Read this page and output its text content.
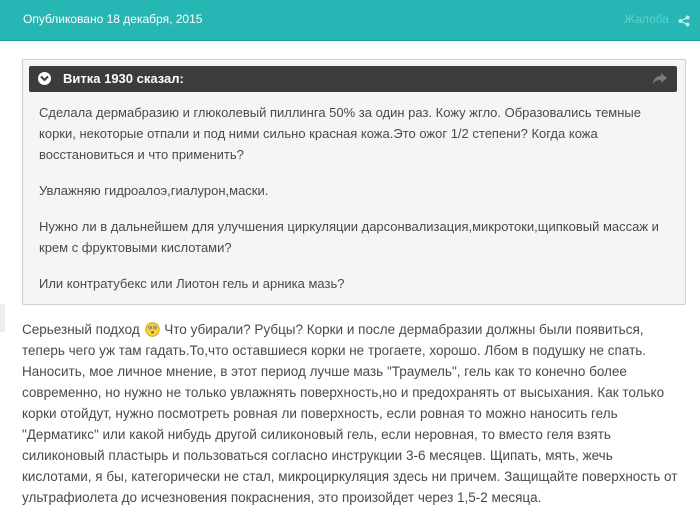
Опубликовано 18 декабря, 2015	Жалоба
Витка 1930 сказал:

Сделала дермабразию и глюколевый пиллинга 50% за один раз. Кожу жгло. Образовались темные корки, некоторые отпали и под ними сильно красная кожа.Это ожог 1/2 степени? Когда кожа восстановиться и что применить?

Увлажняю гидроалоэ,гиалурон,маски.

Нужно ли в дальнейшем для улучшения циркуляции дарсонвализация,микротоки,щипковый массаж и крем с фруктовыми кислотами?

Или контратубекс или Лиотон гель и арника мазь?

Серьезный подход Что убирали? Рубцы? Корки и после дермабразии должны были появиться, теперь чего уж там гадать.То,что оставшиеся корки не трогаете, хорошо. Лбом в подушку не спать. Наносить, мое личное мнение, в этот период лучше мазь "Траумель", гель как то конечно более современно, но нужно не только увлажнять поверхность,но и предохранять от высыхания. Как только корки отойдут, нужно посмотреть ровная ли поверхность, если ровная то можно наносить гель "Дерматикс" или какой нибудь другой силиконовый гель, если неровная, то вместо геля взять силиконовый пластырь и пользоваться согласно инструкции 3-6 месяцев. Щипать, мять, жечь кислотами, я бы, категорически не стал, микроциркуляция здесь ни причем. Защищайте поверхность от ультрафиолета до исчезновения покраснения, это произойдет через 1,5-2 месяца.
